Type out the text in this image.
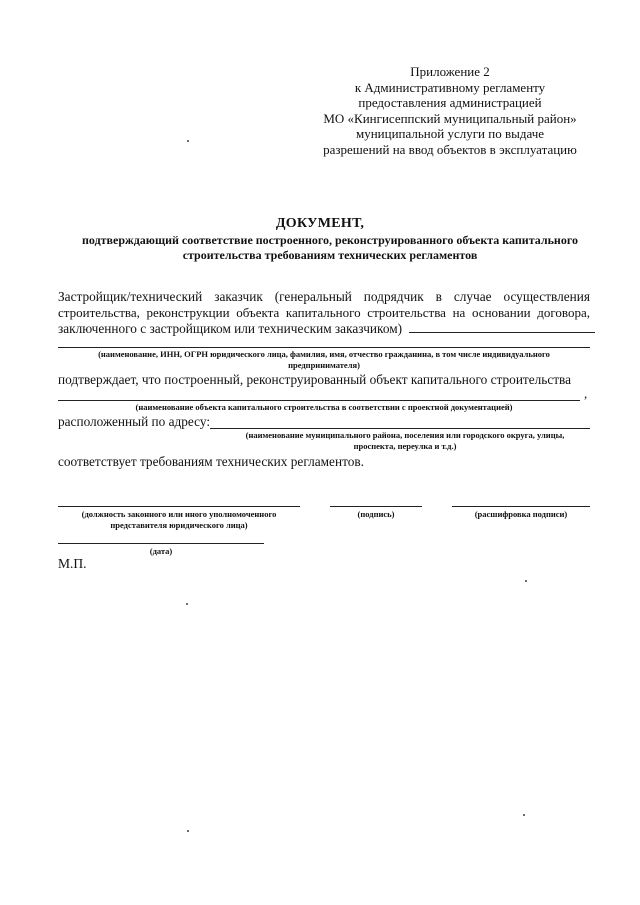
Приложение 2
к Административному регламенту
предоставления администрацией
МО «Кингисеппский муниципальный район»
муниципальной услуги по выдаче
разрешений на ввод объектов в эксплуатацию
ДОКУМЕНТ,
подтверждающий соответствие построенного, реконструированного объекта капитального
строительства требованиям технических регламентов
Застройщик/технический заказчик (генеральный подрядчик в случае осуществления
строительства, реконструкции объекта капитального строительства на основании договора,
заключенного с застройщиком или техническим заказчиком)
(наименование, ИНН, ОГРН юридического лица, фамилия, имя, отчество гражданина, в том числе индивидуального
предпринимателя)
подтверждает, что построенный, реконструированный объект капитального строительства
,
(наименование объекта капитального строительства в соответствии с проектной документацией)
расположенный по адресу:
(наименование муниципального района, поселения или городского округа, улицы,
проспекта, переулка и т.д.)
соответствует требованиям технических регламентов.
(должность законного или иного уполномоченного
представителя юридического лица)
(подпись)	(расшифровка подписи)
(дата)
М.П.
